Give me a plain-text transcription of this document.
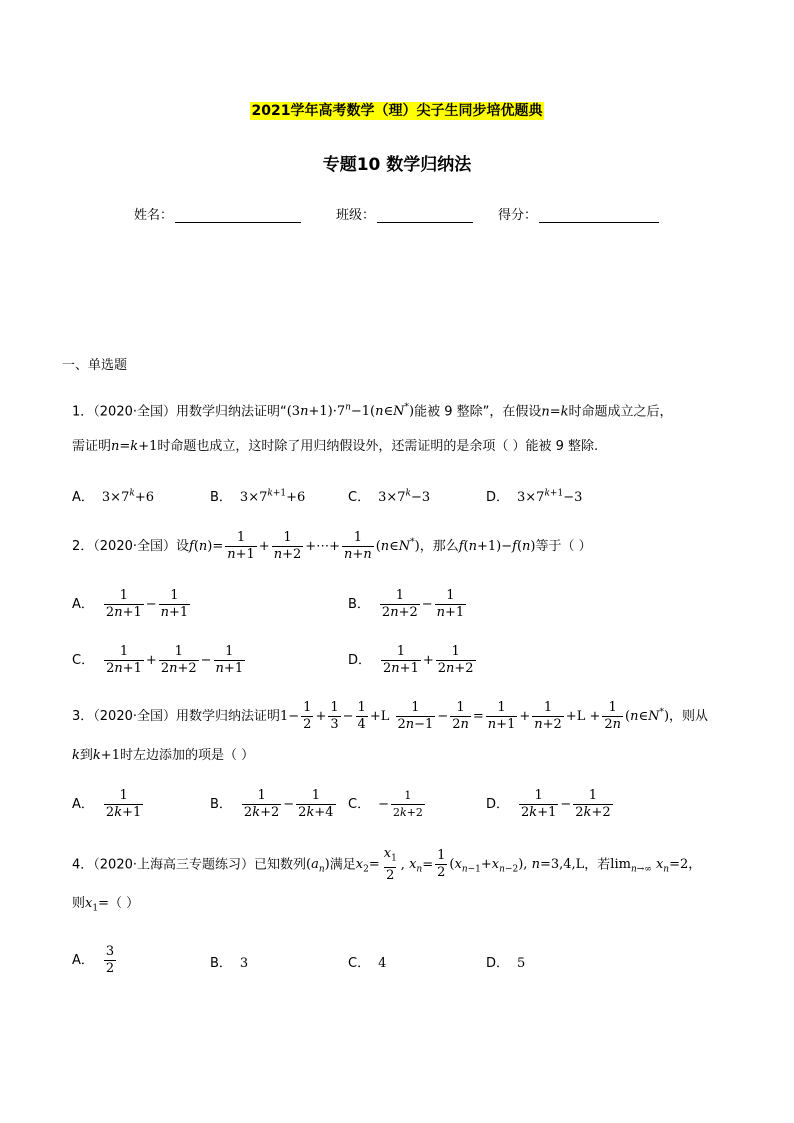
2021学年高考数学（理）尖子生同步培优题典
专题10 数学归纳法
姓名：	班级：	得分：
一、单选题
1．（2020·全国）用数学归纳法证明“$(3n+1)\cdot 7^n-1(n\in N^*)$能被 9 整除”，在假设n=k时命题成立之后，
需证明n=k+1时命题也成立，这时除了用归纳假设外，还需证明的是余项（ ）能被 9 整除.
A． $3\times 7^k+6$	B． $3\times 7^{k+1}+6$	C． $3\times 7^k-3$	D． $3\times 7^{k+1}-3$
2．（2020·全国）设$f(n)= \frac{1}{n+1} + \frac{1}{n+2}$ +⋯+ $\frac{1}{n+n}$ (n∈N*)，那么f(n+1)−f(n)等于（ ）
A． $\frac{1}{2n+1} - \frac{1}{n+1}$	B． $\frac{1}{2n+2} - \frac{1}{n+1}$
C． $\frac{1}{2n+1} + \frac{1}{2n+2} - \frac{1}{n+1}$	D． $\frac{1}{2n+1} + \frac{1}{2n+2}$
3．（2020·全国）用数学归纳法证明$1- \frac{1}{2} + \frac{1}{3} - \frac{1}{4} +L \frac{1}{2n-1} - \frac{1}{2n} = \frac{1}{n+1} + \frac{1}{n+2} +L + \frac{1}{2n}$ (n∈N*)，则从
k到k+1时左边添加的项是（ ）
A． $\frac{1}{2k+1}$	B． $\frac{1}{2k+2} - \frac{1}{2k+4}$ C． − $\frac{1}{2k+2}$	D． $\frac{1}{2k+1} - \frac{1}{2k+2}$
4．（2020·上海高三专题练习）已知数列$(a_n)$满足$x_2= \frac{x_1}{2}$ , $x_n= \frac{1}{2} (x_{n-1}+x_{n-2})$, n=3,4,L，若$\lim_{n\to\infty} x_n=2$，
则$x_1=$（ ）
A． $\frac{3}{2}$	B． 3	C． 4	D． 5
